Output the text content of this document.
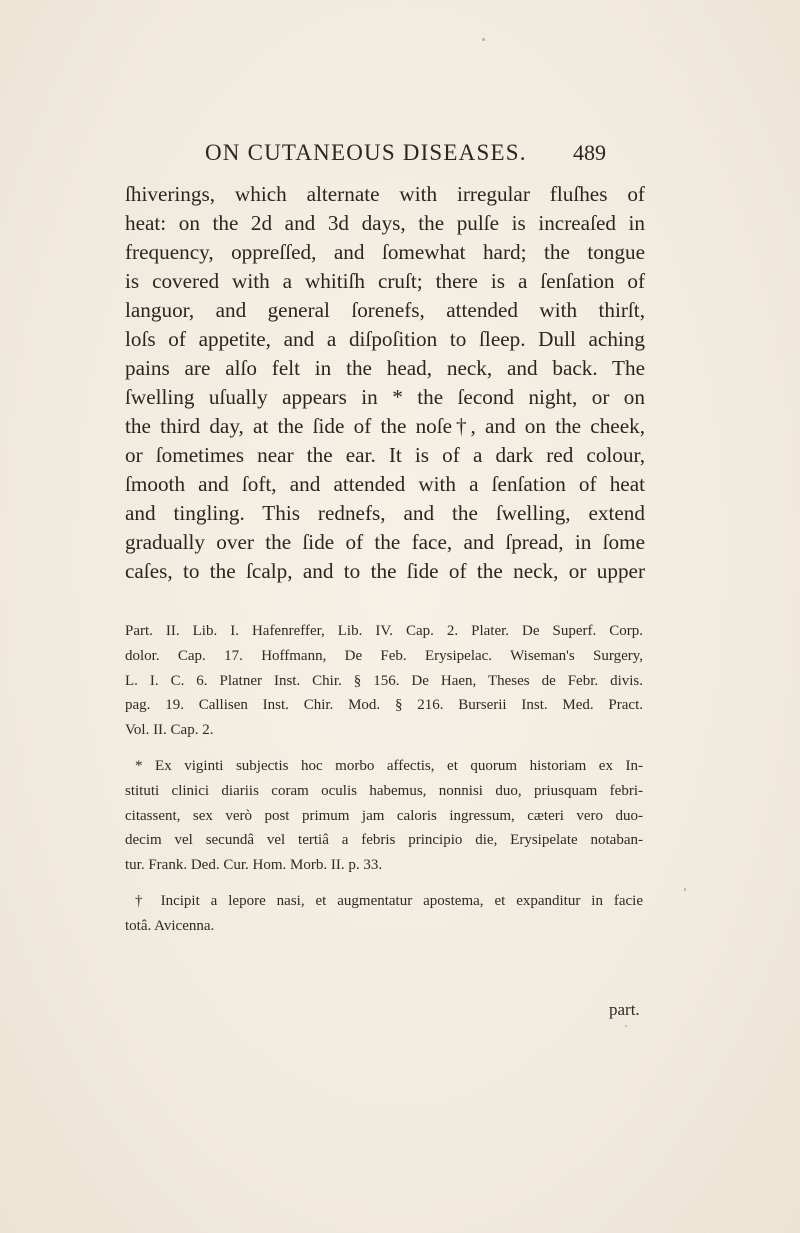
ON CUTANEOUS DISEASES. 489
ſhiverings, which alternate with irregular fluſhes of
heat: on the 2d and 3d days, the pulſe is increaſed in
frequency, oppreſſed, and ſomewhat hard; the tongue
is covered with a whitiſh cruſt; there is a ſenſation of
languor, and general ſorenefs, attended with thirſt,
loſs of appetite, and a diſpoſition to ſleep. Dull aching
pains are alſo felt in the head, neck, and back. The
ſwelling uſually appears in * the ſecond night, or on
the third day, at the ſide of the noſe†, and on the cheek,
or ſometimes near the ear. It is of a dark red colour,
ſmooth and ſoft, and attended with a ſenſation of heat
and tingling. This rednefs, and the ſwelling, extend
gradually over the ſide of the face, and ſpread, in ſome
caſes, to the ſcalp, and to the ſide of the neck, or upper
Part. II. Lib. I. Hafenreffer, Lib. IV. Cap. 2. Plater. De Superf. Corp.
dolor. Cap. 17. Hoffmann, De Feb. Erysipelac. Wiseman's Surgery,
L. I. C. 6. Platner Inst. Chir. § 156. De Haen, Theses de Febr. divis.
pag. 19. Callisen Inst. Chir. Mod. § 216. Burserii Inst. Med. Pract.
Vol. II. Cap. 2.
* Ex viginti subjectis hoc morbo affectis, et quorum historiam ex In-
stituti clinici diariis coram oculis habemus, nonnisi duo, priusquam febri-
citassent, sex verò post primum jam caloris ingressum, cæteri vero duo-
decim vel secundâ vel tertiâ a febris principio die, Erysipelate notaban-
tur. Frank. Ded. Cur. Hom. Morb. II. p. 33.
† Incipit a lepore nasi, et augmentatur apostema, et expanditur in facie
totâ. Avicenna.
part.
